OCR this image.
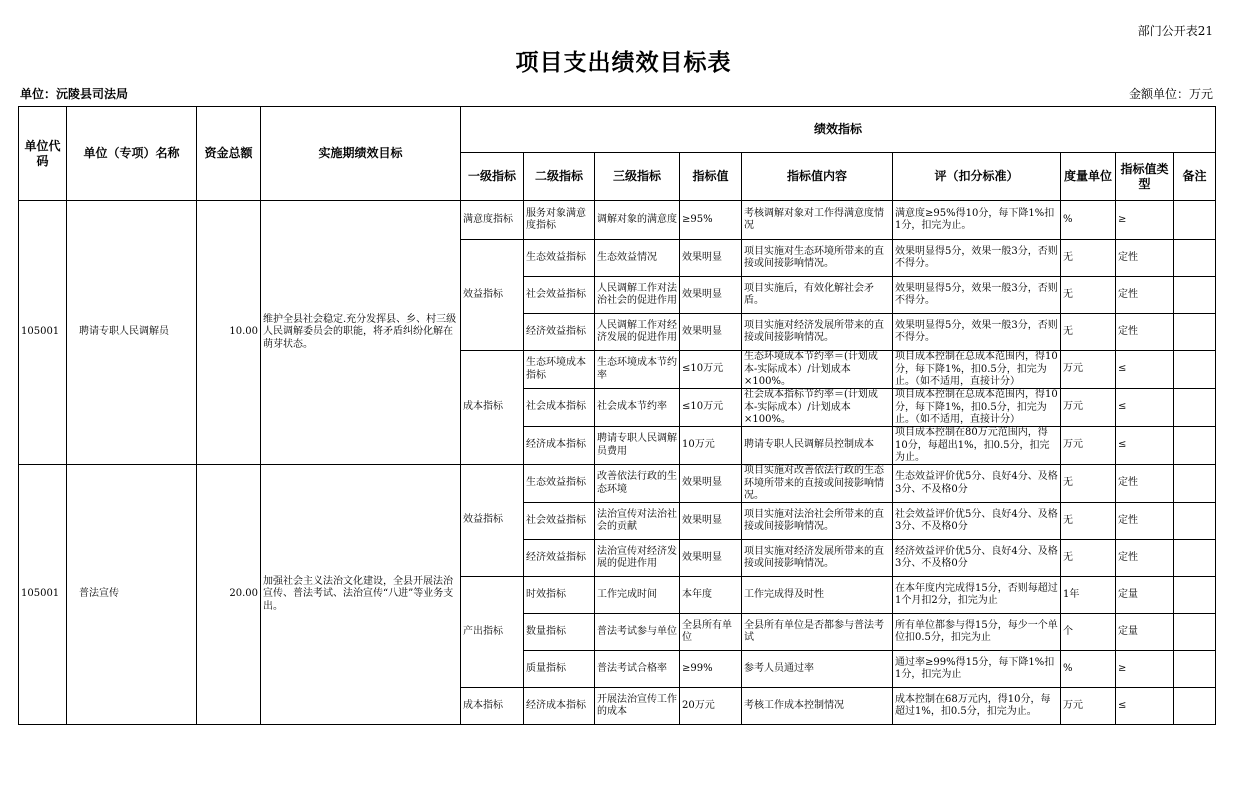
部门公开表21
项目支出绩效目标表
单位：沅陵县司法局	金额单位：万元
单位代码	单位（专项）名称	资金总额	实施期绩效目标	绩效指标								
				一级指标	二级指标	三级指标	指标值	指标值内容	评（扣分标准）	度量单位	指标值类型	备注
105001	聘请专职人民调解员	10.00	维护全县社会稳定.充分发挥县、乡、村三级人民调解委员会的职能，将矛盾纠纷化解在萌芽状态。	满意度指标	服务对象满意度指标	调解对象的满意度	≥95%	考核调解对象对工作得满意度情况	满意度≥95%得10分，每下降1%扣1分，扣完为止。	%	≥	
				效益指标	生态效益指标	生态效益情况	效果明显	项目实施对生态环境所带来的直接或间接影响情况。	效果明显得5分，效果一般3分，否则不得分。	无	定性	
					社会效益指标	人民调解工作对法治社会的促进作用	效果明显	项目实施后，有效化解社会矛盾。	效果明显得5分，效果一般3分，否则不得分。	无	定性	
					经济效益指标	人民调解工作对经济发展的促进作用	效果明显	项目实施对经济发展所带来的直接或间接影响情况。	效果明显得5分，效果一般3分，否则不得分。	无	定性	
				成本指标	生态环境成本指标	生态环境成本节约率	≤10万元	生态环境成本节约率＝(计划成本-实际成本）/计划成本×100%。	项目成本控制在总成本范围内，得10分，每下降1%，扣0.5分，扣完为止。（如不适用，直接计分）	万元	≤	
					社会成本指标	社会成本节约率	≤10万元	社会成本指标节约率＝(计划成本-实际成本）/计划成本×100%。	项目成本控制在总成本范围内，得10分，每下降1%，扣0.5分，扣完为止。（如不适用，直接计分）	万元	≤	
					经济成本指标	聘请专职人民调解员费用	10万元	聘请专职人民调解员控制成本	项目成本控制在80万元范围内，得10分，每超出1%，扣0.5分，扣完为止。	万元	≤	
105001	普法宣传	20.00	加强社会主义法治文化建设，全县开展法治宣传、普法考试、法治宣传“八进”等业务支出。	效益指标	生态效益指标	改善依法行政的生态环境	效果明显	项目实施对改善依法行政的生态环境所带来的直接或间接影响情况。	生态效益评价优5分、良好4分、及格3分、不及格0分	无	定性	
					社会效益指标	法治宣传对法治社会的贡献	效果明显	项目实施对法治社会所带来的直接或间接影响情况。	社会效益评价优5分、良好4分、及格3分、不及格0分	无	定性	
					经济效益指标	法治宣传对经济发展的促进作用	效果明显	项目实施对经济发展所带来的直接或间接影响情况。	经济效益评价优5分、良好4分、及格3分、不及格0分	无	定性	
				产出指标	时效指标	工作完成时间	本年度	工作完成得及时性	在本年度内完成得15分，否则每超过1个月扣2分，扣完为止	1年	定量	
					数量指标	普法考试参与单位	全县所有单位	全县所有单位是否都参与普法考试	所有单位都参与得15分，每少一个单位扣0.5分，扣完为止	个	定量	
					质量指标	普法考试合格率	≥99%	参考人员通过率	通过率≥99%得15分，每下降1%扣1分，扣完为止	%	≥	
				成本指标	经济成本指标	开展法治宣传工作的成本	20万元	考核工作成本控制情况	成本控制在68万元内，得10分，每超过1%，扣0.5分，扣完为止。	万元	≤	
